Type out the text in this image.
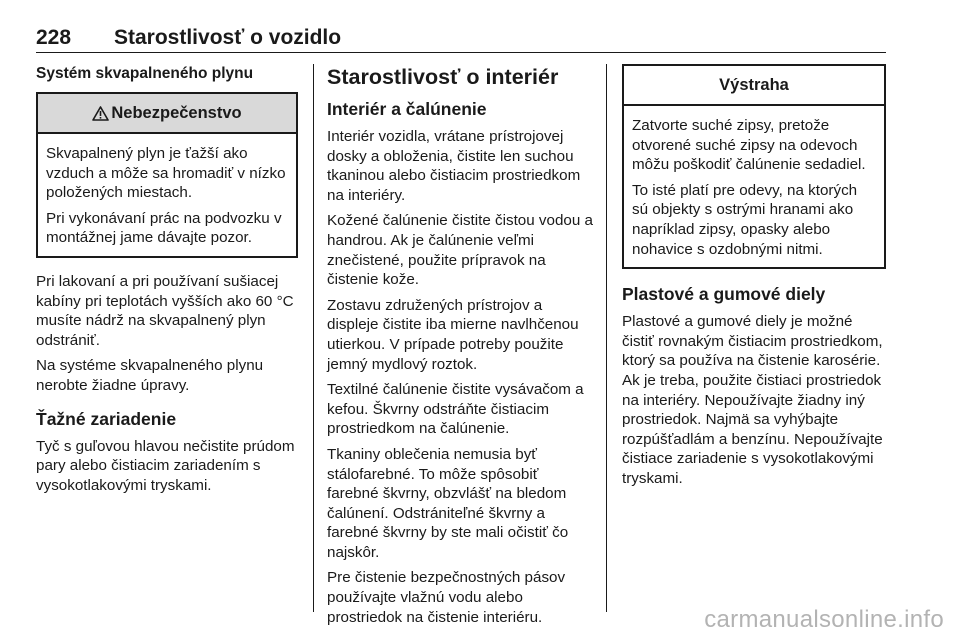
228 Starostlivosť o vozidlo
Systém skvapalneného plynu
Nebezpečenstvo

Skvapalnený plyn je ťažší ako vzduch a môže sa hromadiť v nízko položených miestach.

Pri vykonávaní prác na podvozku v montážnej jame dávajte pozor.

Pri lakovaní a pri používaní sušiacej kabíny pri teplotách vyšších ako 60 °C musíte nádrž na skvapalnený plyn odstrániť.

Na systéme skvapalneného plynu nerobte žiadne úpravy.

Ťažné zariadenie

Tyč s guľovou hlavou nečistite prúdom pary alebo čistiacim zariadením s vysokotlakovými tryskami.

Starostlivosť o interiér
Interiér a čalúnenie

Interiér vozidla, vrátane prístrojovej dosky a obloženia, čistite len suchou tkaninou alebo čistiacim prostriedkom na interiéry.

Kožené čalúnenie čistite čistou vodou a handrou. Ak je čalúnenie veľmi znečistené, použite prípravok na čistenie kože.

Zostavu združených prístrojov a displeje čistite iba mierne navlhčenou utierkou. V prípade potreby použite jemný mydlový roztok.

Textilné čalúnenie čistite vysávačom a kefou. Škvrny odstráňte čistiacim prostriedkom na čalúnenie.

Tkaniny oblečenia nemusia byť stálofarebné. To môže spôsobiť farebné škvrny, obzvlášť na bledom čalúnení. Odstrániteľné škvrny a farebné škvrny by ste mali očistiť čo najskôr.

Pre čistenie bezpečnostných pásov používajte vlažnú vodu alebo prostriedok na čistenie interiéru.

Výstraha

Zatvorte suché zipsy, pretože otvorené suché zipsy na odevoch môžu poškodiť čalúnenie sedadiel.

To isté platí pre odevy, na ktorých sú objekty s ostrými hranami ako napríklad zipsy, opasky alebo nohavice s ozdobnými nitmi.

Plastové a gumové diely

Plastové a gumové diely je možné čistiť rovnakým čistiacim prostriedkom, ktorý sa používa na čistenie karosérie. Ak je treba, použite čistiaci prostriedok na interiéry. Nepoužívajte žiadny iný prostriedok. Najmä sa vyhýbajte rozpúšťadlám a benzínu. Nepoužívajte čistiace zariadenie s vysokotlakovými tryskami.

carmanualsonline.info
